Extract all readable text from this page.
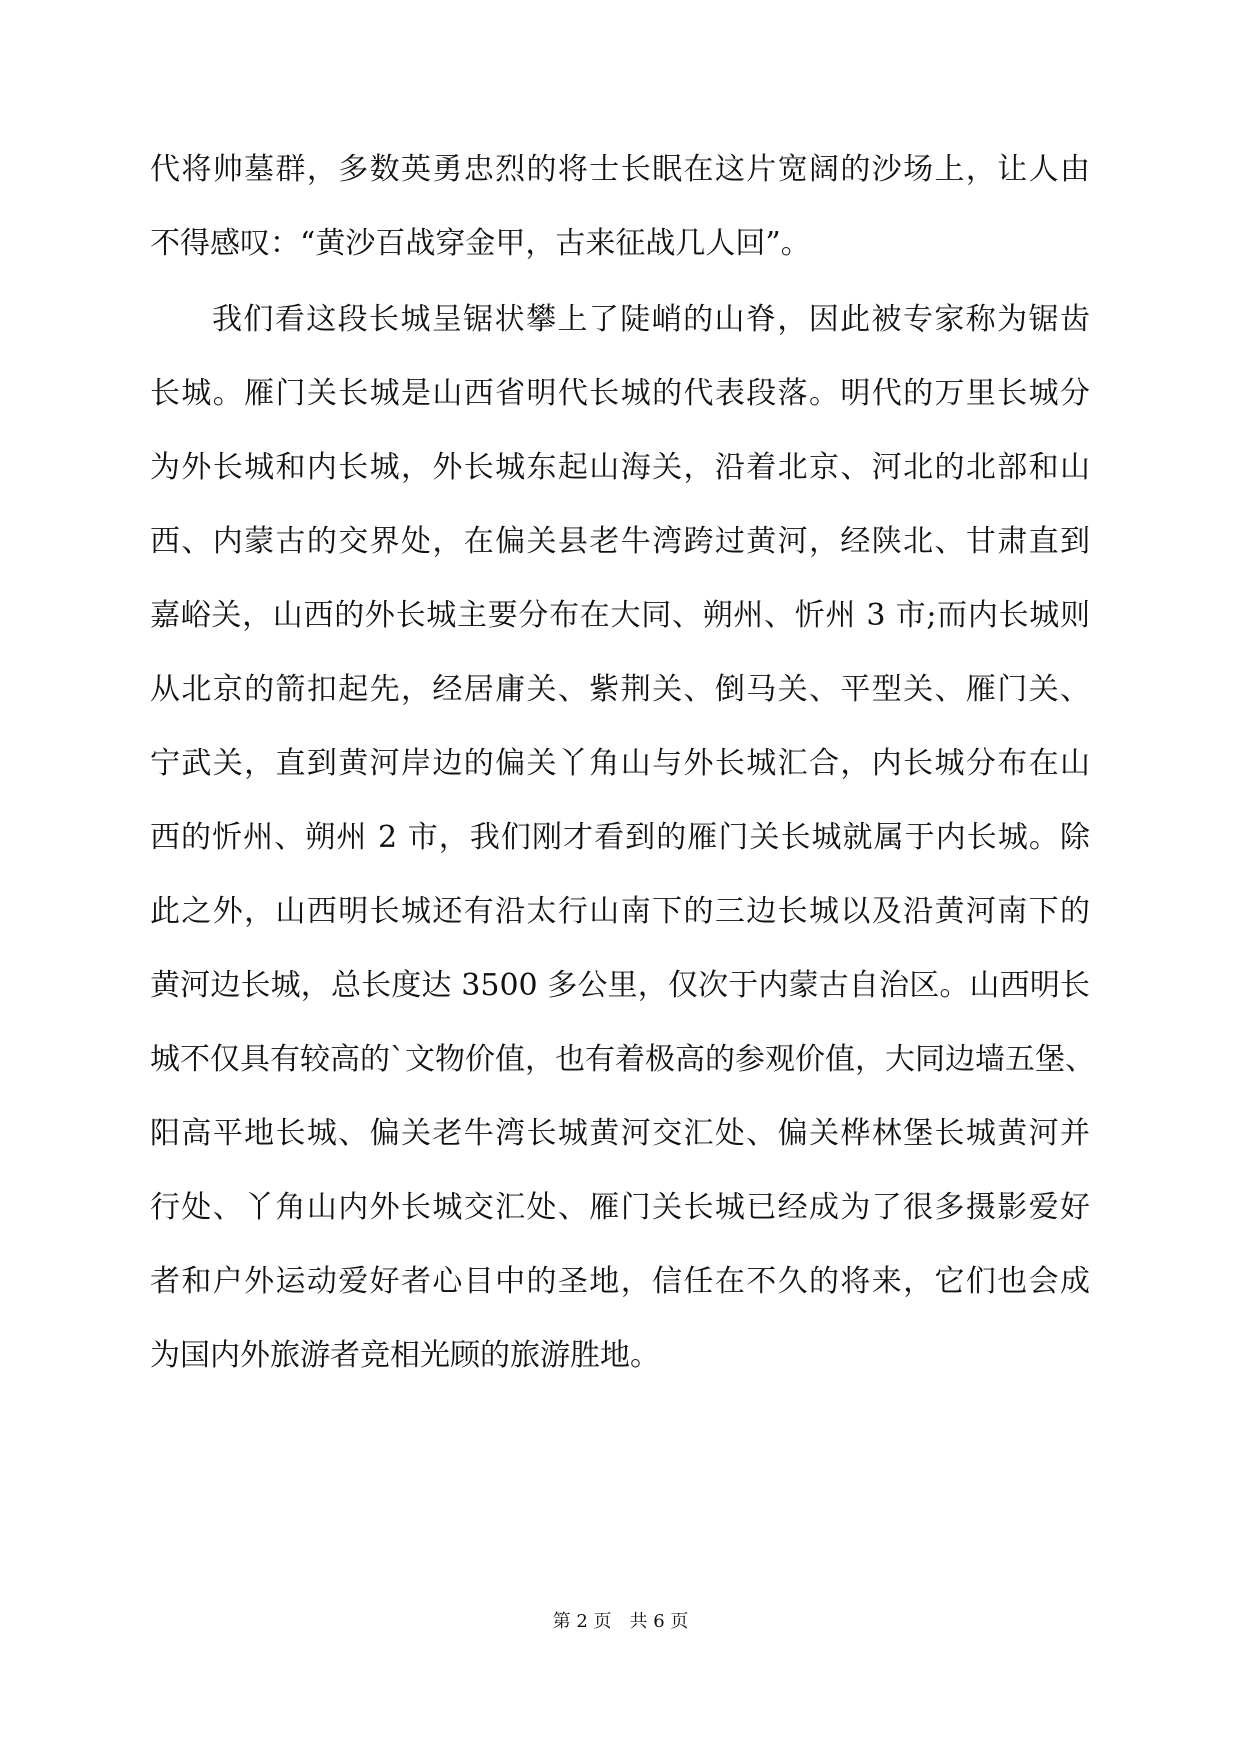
代将帅墓群，多数英勇忠烈的将士长眠在这片宽阔的沙场上，让人由
不得感叹：“黄沙百战穿金甲，古来征战几人回”。
我们看这段长城呈锯状攀上了陡峭的山脊，因此被专家称为锯齿
长城。雁门关长城是山西省明代长城的代表段落。明代的万里长城分
为外长城和内长城，外长城东起山海关，沿着北京、河北的北部和山
西、内蒙古的交界处，在偏关县老牛湾跨过黄河，经陕北、甘肃直到
嘉峪关，山西的外长城主要分布在大同、朔州、忻州 3 市;而内长城则
从北京的箭扣起先，经居庸关、紫荆关、倒马关、平型关、雁门关、
宁武关，直到黄河岸边的偏关丫角山与外长城汇合，内长城分布在山
西的忻州、朔州 2 市，我们刚才看到的雁门关长城就属于内长城。除
此之外，山西明长城还有沿太行山南下的三边长城以及沿黄河南下的
黄河边长城，总长度达 3500 多公里，仅次于内蒙古自治区。山西明长
城不仅具有较高的`文物价值，也有着极高的参观价值，大同边墙五堡、
阳高平地长城、偏关老牛湾长城黄河交汇处、偏关桦林堡长城黄河并
行处、丫角山内外长城交汇处、雁门关长城已经成为了很多摄影爱好
者和户外运动爱好者心目中的圣地，信任在不久的将来，它们也会成
为国内外旅游者竞相光顾的旅游胜地。
第 2 页 共 6 页
